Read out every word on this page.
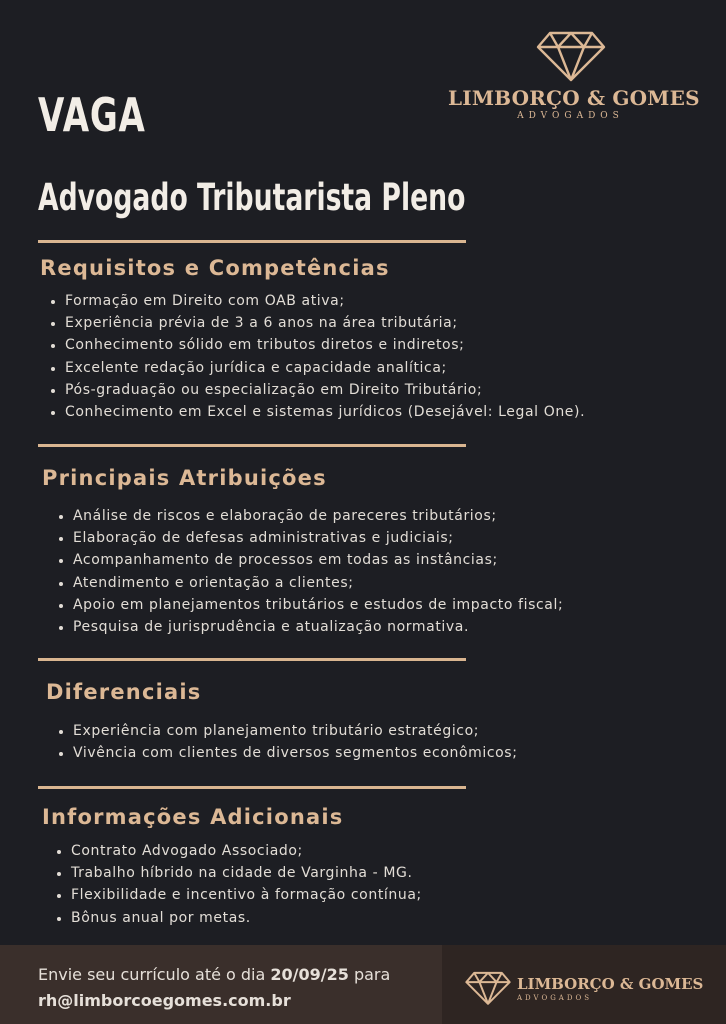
LIMBORÇO & GOMES
ADVOGADOS
VAGA
Advogado Tributarista Pleno
Requisitos e Competências
Formação em Direito com OAB ativa;
Experiência prévia de 3 a 6 anos na área tributária;
Conhecimento sólido em tributos diretos e indiretos;
Excelente redação jurídica e capacidade analítica;
Pós-graduação ou especialização em Direito Tributário;
Conhecimento em Excel e sistemas jurídicos (Desejável: Legal One).
Principais Atribuições
Análise de riscos e elaboração de pareceres tributários;
Elaboração de defesas administrativas e judiciais;
Acompanhamento de processos em todas as instâncias;
Atendimento e orientação a clientes;
Apoio em planejamentos tributários e estudos de impacto fiscal;
Pesquisa de jurisprudência e atualização normativa.
Diferenciais
Experiência com planejamento tributário estratégico;
Vivência com clientes de diversos segmentos econômicos;
Informações Adicionais
Contrato Advogado Associado;
Trabalho híbrido na cidade de Varginha - MG.
Flexibilidade e incentivo à formação contínua;
Bônus anual por metas.
Envie seu currículo até o dia 20/09/25 para
rh@limborcoegomes.com.br
LIMBORÇO & GOMES
ADVOGADOS
